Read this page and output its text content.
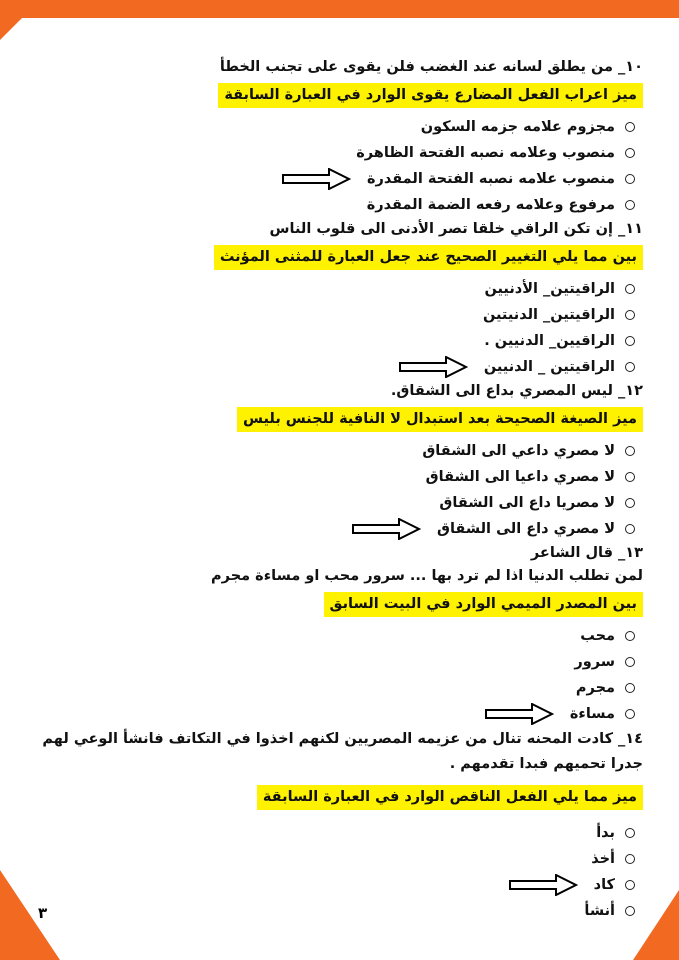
٣
١٠_ من يطلق لسانه عند الغضب فلن يقوى على تجنب الخطأ
ميز اعراب الفعل المضارع يقوى الوارد في العبارة السابقة
مجزوم علامه جزمه السكون
منصوب وعلامه نصبه الفتحة الظاهرة
منصوب علامه نصبه الفتحة المقدرة
مرفوع وعلامه رفعه الضمة المقدرة
١١_ إن تكن الراقي خلقا تصر الأدنى الى قلوب الناس
بين مما يلي التغيير الصحيح عند جعل العبارة للمثنى المؤنث
الراقيتين_ الأدنيين
الراقيتين_ الدنيتين
الراقيين_ الدنيين .
الراقيتين _ الدنيين
١٢_ ليس المصري بداع الى الشقاق.
ميز الصيغة الصحيحة بعد استبدال لا النافية للجنس بليس
لا مصري داعي الى الشقاق
لا مصري داعيا الى الشقاق
لا مصريا داع الى الشقاق
لا مصري داع الى الشقاق
١٣_ قال الشاعر
لمن تطلب الدنيا اذا لم ترد بها ... سرور محب او مساءة مجرم
بين المصدر الميمي الوارد في البيت السابق
محب
سرور
مجرم
مساءة
١٤_ كادت المحنه تنال من عزيمه المصريين لكنهم اخذوا في التكاتف فانشأ الوعي لهم جدرا تحميهم فبدا تقدمهم .
ميز مما يلي الفعل الناقص الوارد في العبارة السابقة
بدأ
أخذ
كاد
أنشأ
